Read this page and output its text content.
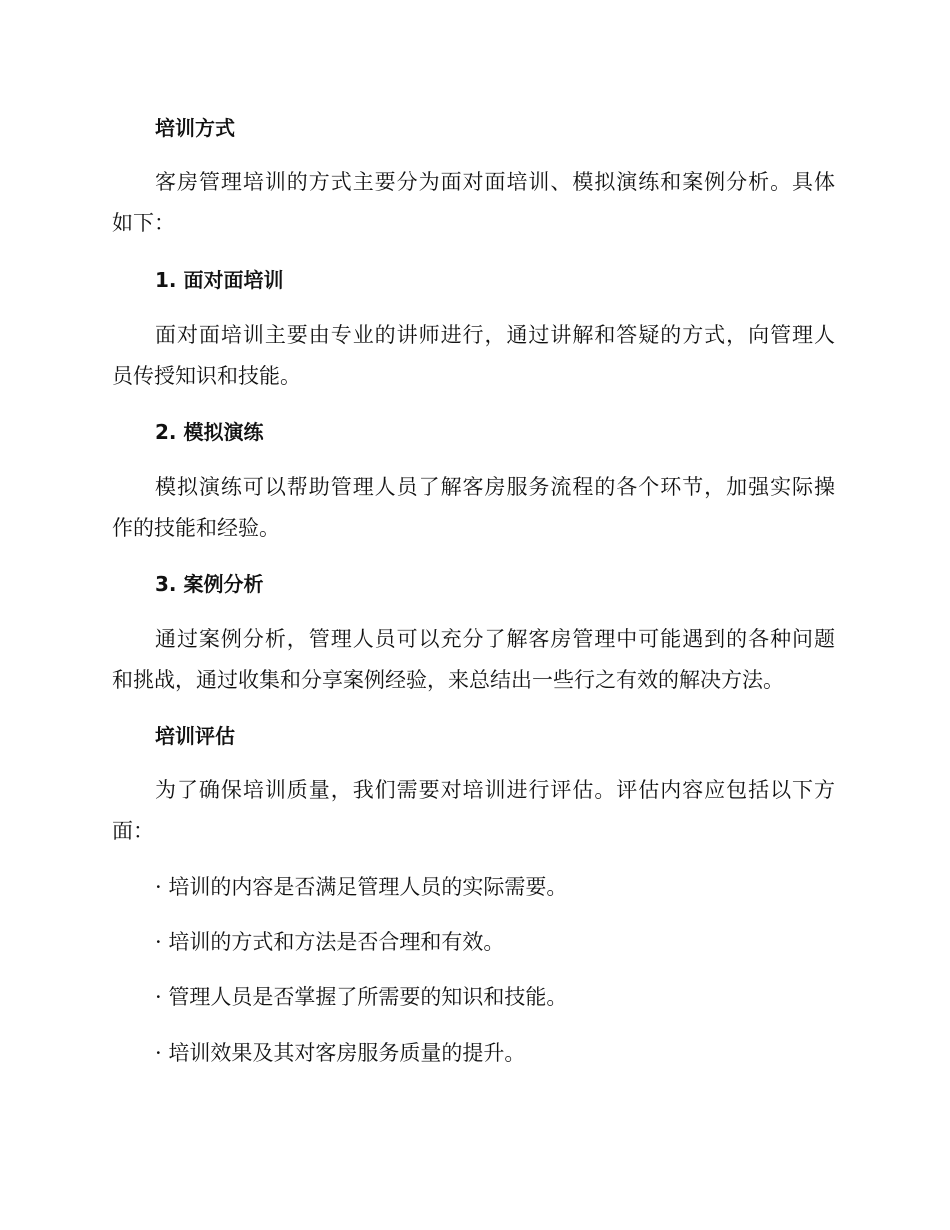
培训方式
客房管理培训的方式主要分为面对面培训、模拟演练和案例分析。具体
如下：
1. 面对面培训
面对面培训主要由专业的讲师进行，通过讲解和答疑的方式，向管理人
员传授知识和技能。
2. 模拟演练
模拟演练可以帮助管理人员了解客房服务流程的各个环节，加强实际操
作的技能和经验。
3. 案例分析
通过案例分析，管理人员可以充分了解客房管理中可能遇到的各种问题
和挑战，通过收集和分享案例经验，来总结出一些行之有效的解决方法。
培训评估
为了确保培训质量，我们需要对培训进行评估。评估内容应包括以下方
面：
· 培训的内容是否满足管理人员的实际需要。
· 培训的方式和方法是否合理和有效。
· 管理人员是否掌握了所需要的知识和技能。
· 培训效果及其对客房服务质量的提升。
